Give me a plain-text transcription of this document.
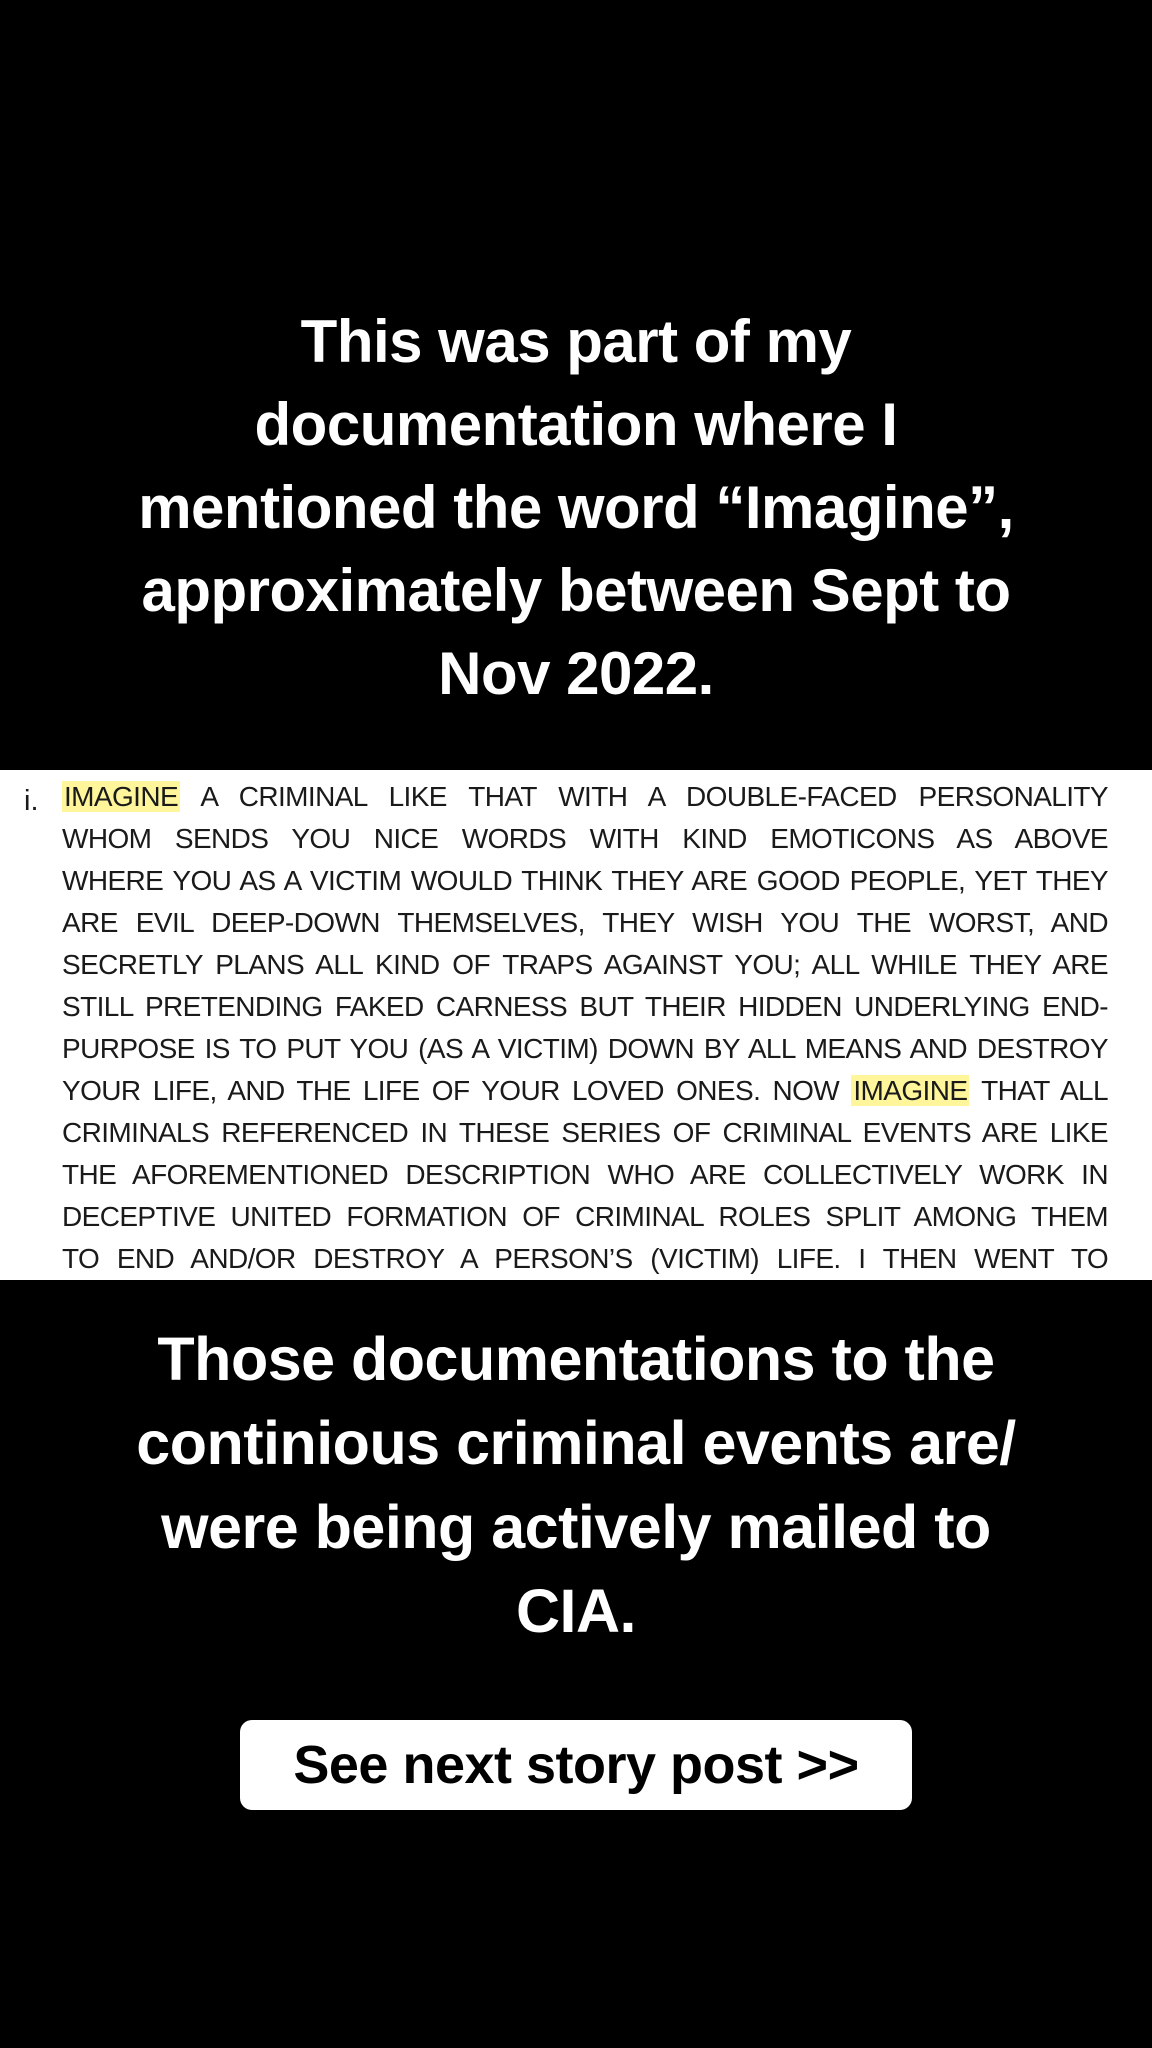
This was part of my
documentation where I
mentioned the word “Imagine”,
approximately between Sept to
Nov 2022.
i. IMAGINE A CRIMINAL LIKE THAT WITH A DOUBLE-FACED PERSONALITY
WHOM SENDS YOU NICE WORDS WITH KIND EMOTICONS AS ABOVE
WHERE YOU AS A VICTIM WOULD THINK THEY ARE GOOD PEOPLE, YET THEY
ARE EVIL DEEP-DOWN THEMSELVES, THEY WISH YOU THE WORST, AND
SECRETLY PLANS ALL KIND OF TRAPS AGAINST YOU; ALL WHILE THEY ARE
STILL PRETENDING FAKED CARNESS BUT THEIR HIDDEN UNDERLYING END-
PURPOSE IS TO PUT YOU (AS A VICTIM) DOWN BY ALL MEANS AND DESTROY
YOUR LIFE, AND THE LIFE OF YOUR LOVED ONES. NOW IMAGINE THAT ALL
CRIMINALS REFERENCED IN THESE SERIES OF CRIMINAL EVENTS ARE LIKE
THE AFOREMENTIONED DESCRIPTION WHO ARE COLLECTIVELY WORK IN
DECEPTIVE UNITED FORMATION OF CRIMINAL ROLES SPLIT AMONG THEM
TO END AND/OR DESTROY A PERSON’S (VICTIM) LIFE. I THEN WENT TO
Those documentations to the
continious criminal events are/
were being actively mailed to
CIA.
See next story post >>
